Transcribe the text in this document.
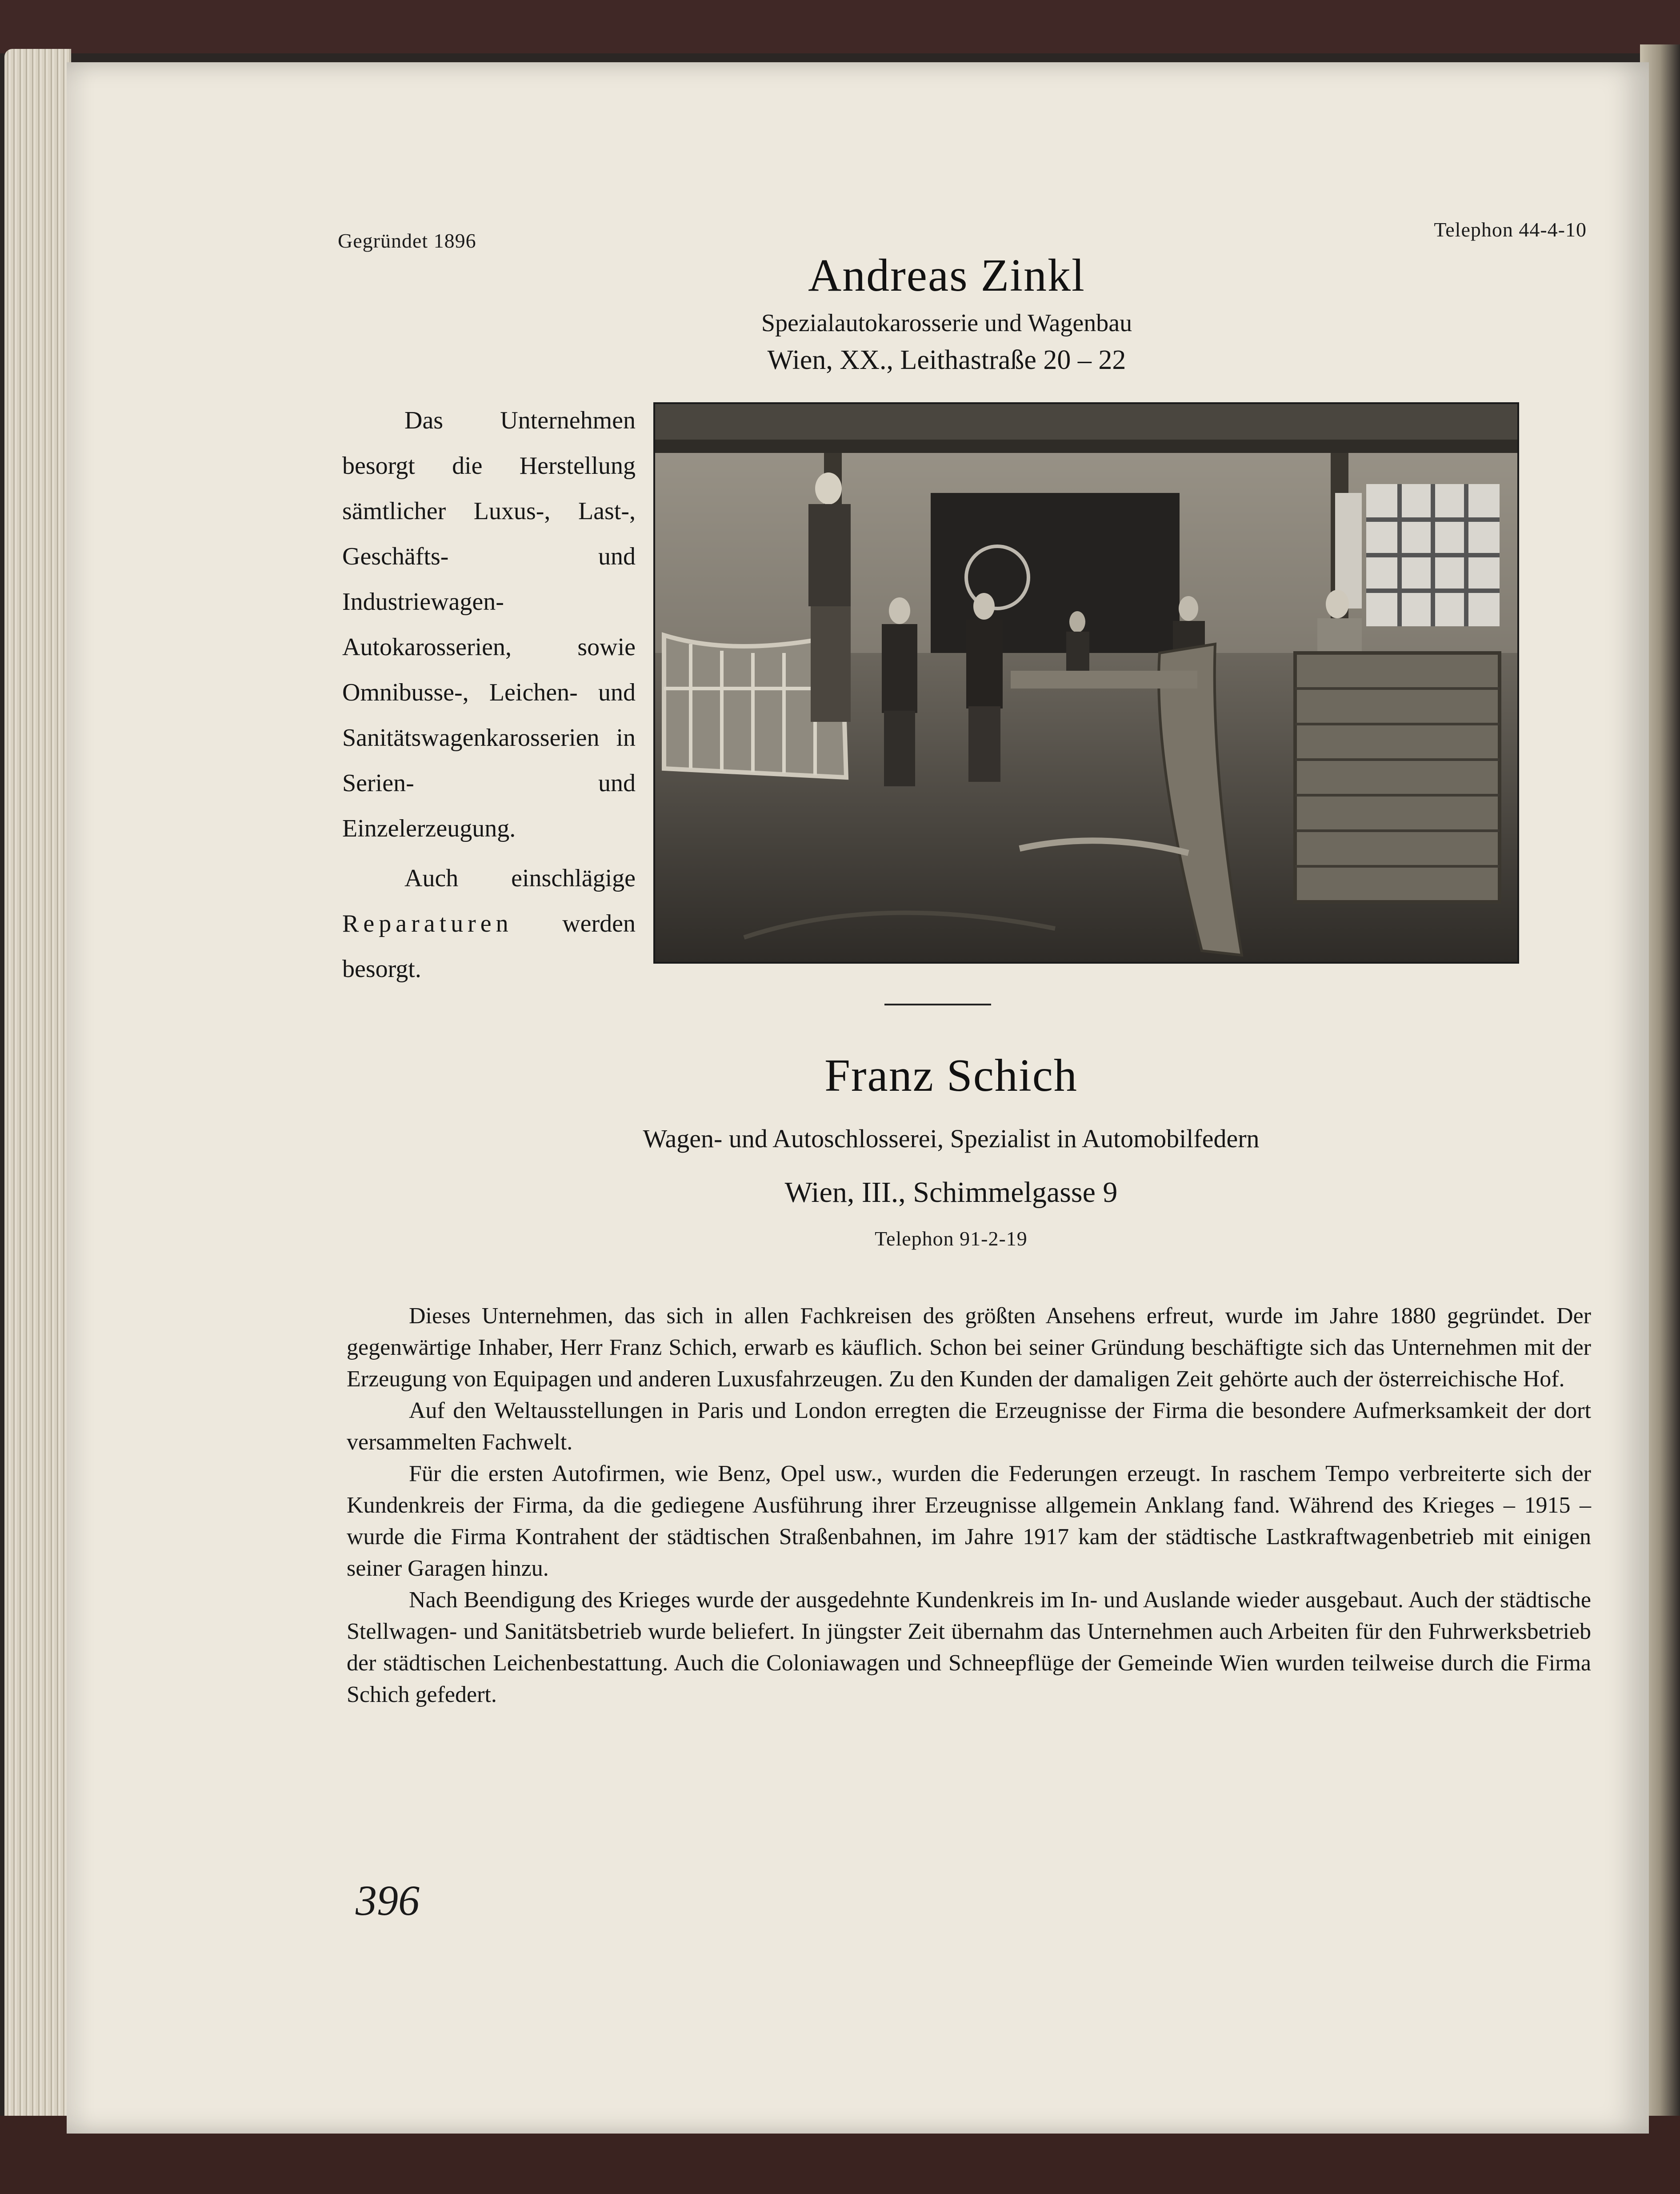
Gegründet 1896	Telephon 44-4-10
Andreas Zinkl
Spezialautokarosserie und Wagenbau
Wien, XX., Leithastraße 20 – 22

Das Unternehmen besorgt die Herstellung sämtlicher Luxus-, Last-, Geschäfts- und Industriewagen-Autokarosserien, sowie Omnibusse-, Leichen- und Sanitätswagenkarosserien in Serien- und Einzelerzeugung.

Auch einschlägige Reparaturen werden besorgt.

Franz Schich
Wagen- und Autoschlosserei, Spezialist in Automobilfedern
Wien, III., Schimmelgasse 9
Telephon 91-2-19

Dieses Unternehmen, das sich in allen Fachkreisen des größten Ansehens erfreut, wurde im Jahre 1880 gegründet. Der gegenwärtige Inhaber, Herr Franz Schich, erwarb es käuflich. Schon bei seiner Gründung beschäftigte sich das Unternehmen mit der Erzeugung von Equipagen und anderen Luxusfahrzeugen. Zu den Kunden der damaligen Zeit gehörte auch der österreichische Hof.

Auf den Weltausstellungen in Paris und London erregten die Erzeugnisse der Firma die besondere Aufmerksamkeit der dort versammelten Fachwelt.

Für die ersten Autofirmen, wie Benz, Opel usw., wurden die Federungen erzeugt. In raschem Tempo verbreiterte sich der Kundenkreis der Firma, da die gediegene Ausführung ihrer Erzeugnisse allgemein Anklang fand. Während des Krieges – 1915 – wurde die Firma Kontrahent der städtischen Straßenbahnen, im Jahre 1917 kam der städtische Lastkraftwagenbetrieb mit einigen seiner Garagen hinzu.

Nach Beendigung des Krieges wurde der ausgedehnte Kundenkreis im In- und Auslande wieder ausgebaut. Auch der städtische Stellwagen- und Sanitätsbetrieb wurde beliefert. In jüngster Zeit übernahm das Unternehmen auch Arbeiten für den Fuhrwerksbetrieb der städtischen Leichenbestattung. Auch die Coloniawagen und Schneepflüge der Gemeinde Wien wurden teilweise durch die Firma Schich gefedert.

396
